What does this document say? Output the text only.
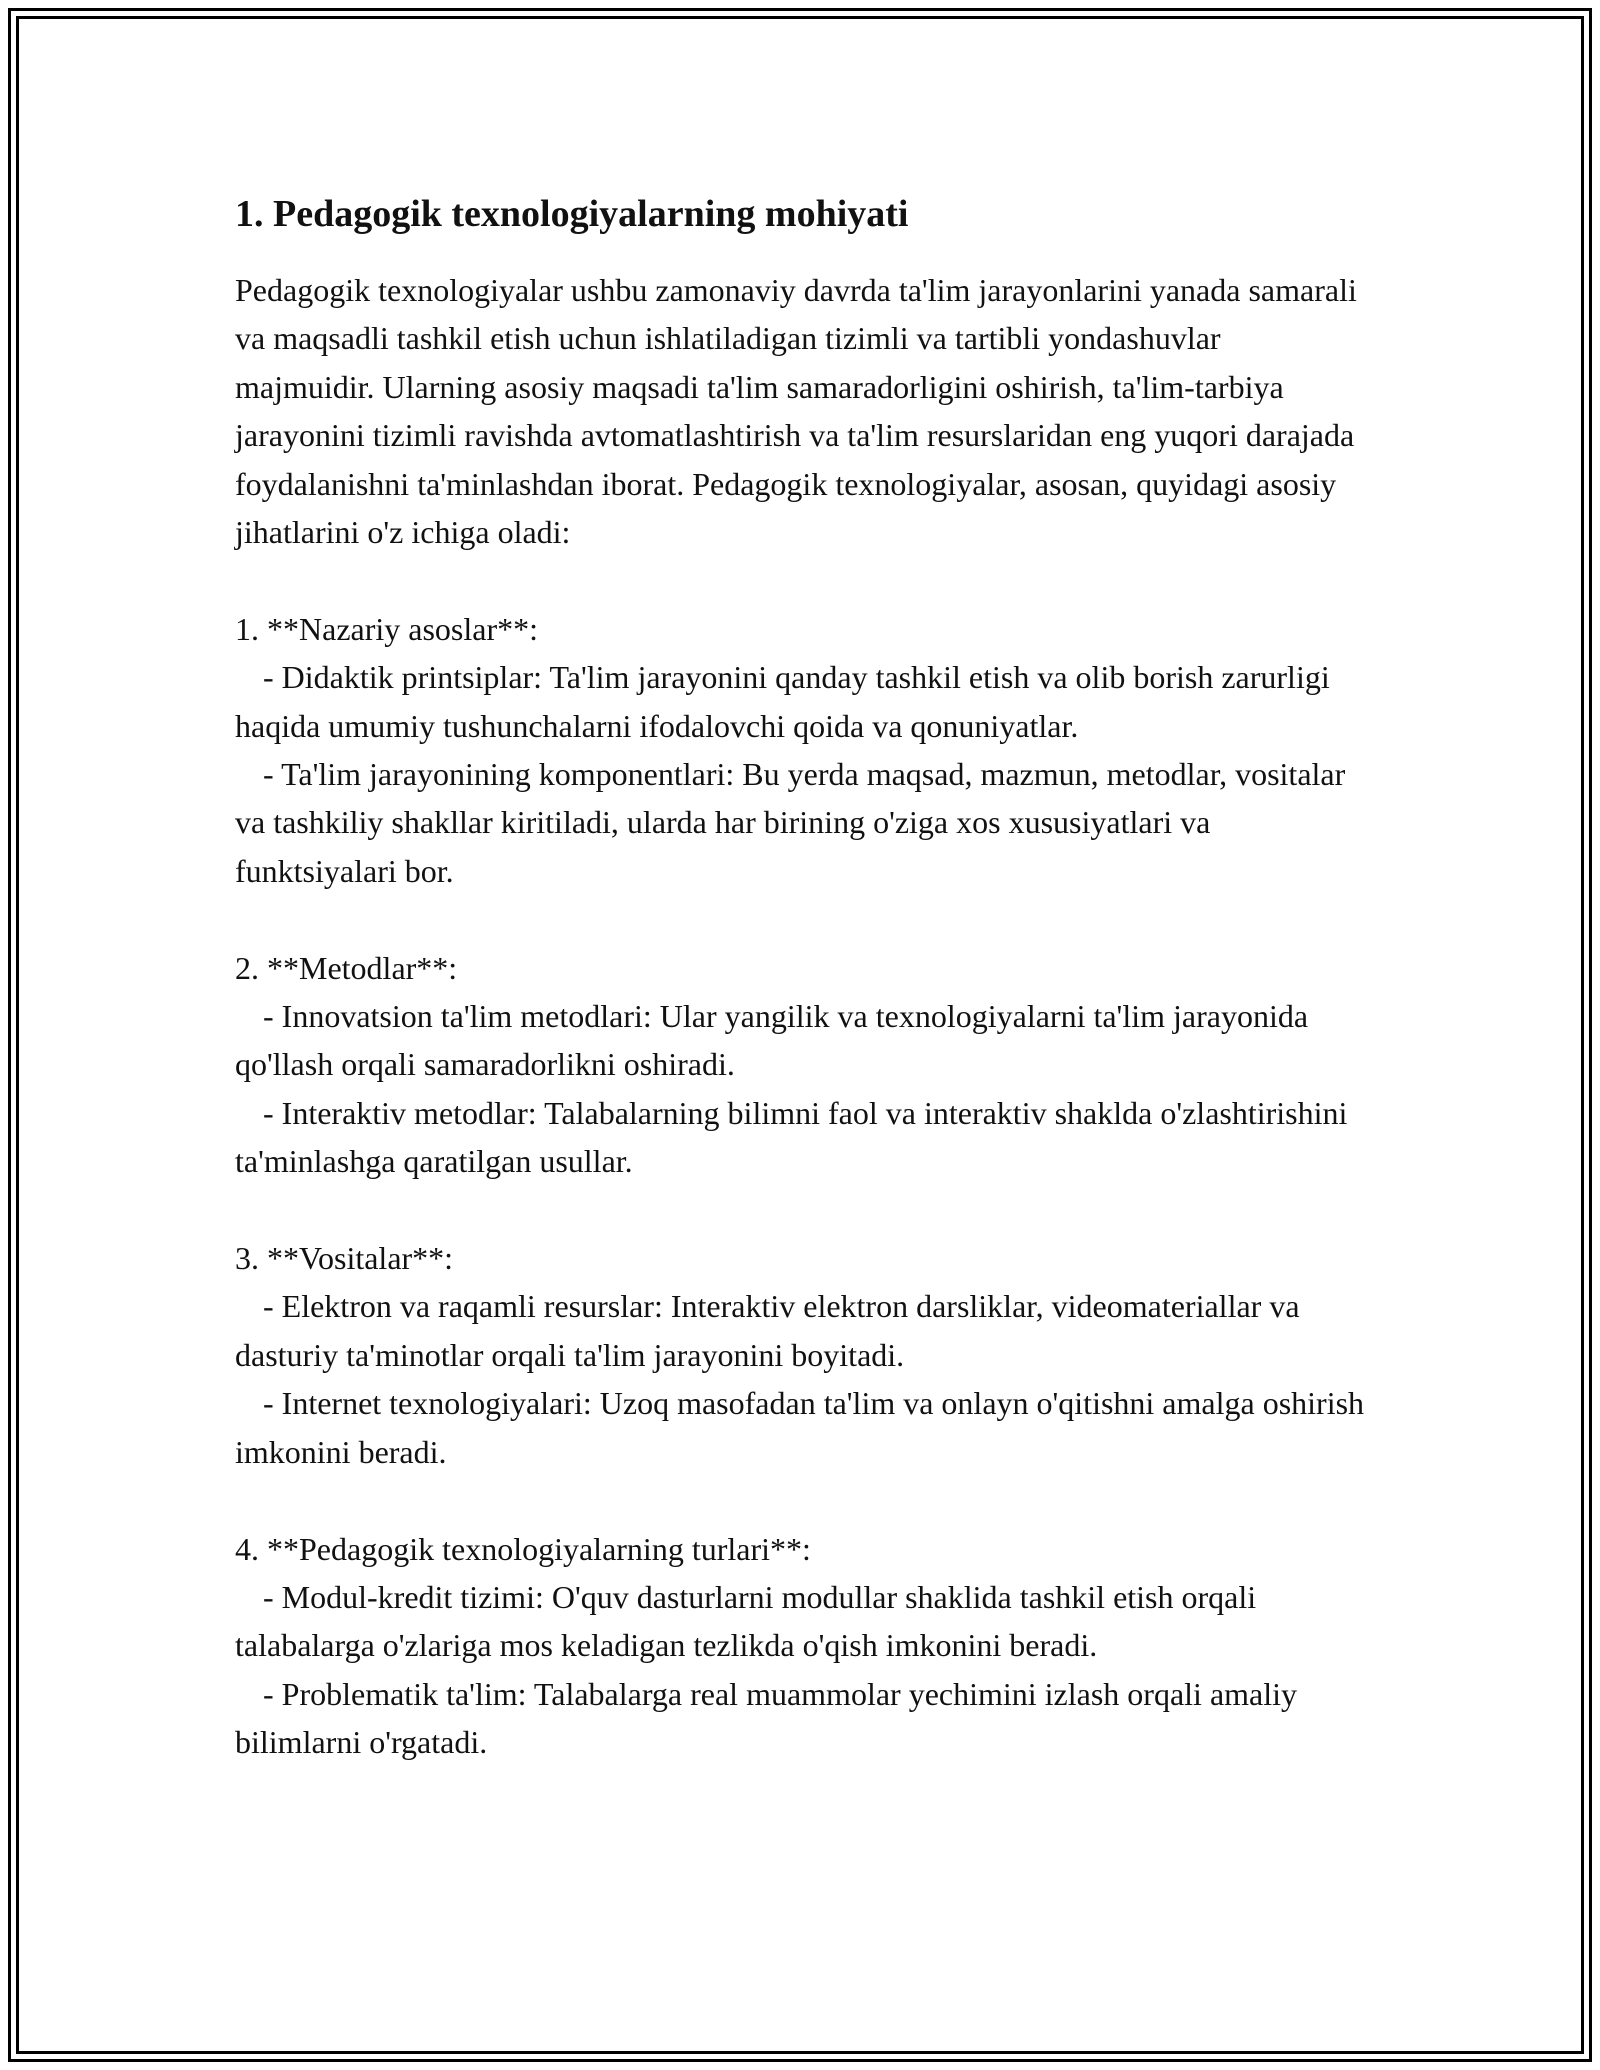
1. Pedagogik texnologiyalarning mohiyati

Pedagogik texnologiyalar ushbu zamonaviy davrda ta'lim jarayonlarini yanada samarali va maqsadli tashkil etish uchun ishlatiladigan tizimli va tartibli yondashuvlar majmuidir. Ularning asosiy maqsadi ta'lim samaradorligini oshirish, ta'lim-tarbiya jarayonini tizimli ravishda avtomatlashtirish va ta'lim resurslaridan eng yuqori darajada foydalanishni ta'minlashdan iborat. Pedagogik texnologiyalar, asosan, quyidagi asosiy jihatlarini o'z ichiga oladi:

1. **Nazariy asoslar**:
- Didaktik printsiplar: Ta'lim jarayonini qanday tashkil etish va olib borish zarurligi haqida umumiy tushunchalarni ifodalovchi qoida va qonuniyatlar.
- Ta'lim jarayonining komponentlari: Bu yerda maqsad, mazmun, metodlar, vositalar va tashkiliy shakllar kiritiladi, ularda har birining o'ziga xos xususiyatlari va funktsiyalari bor.
2. **Metodlar**:
- Innovatsion ta'lim metodlari: Ular yangilik va texnologiyalarni ta'lim jarayonida qo'llash orqali samaradorlikni oshiradi.
- Interaktiv metodlar: Talabalarning bilimni faol va interaktiv shaklda o'zlashtirishini ta'minlashga qaratilgan usullar.
3. **Vositalar**:
- Elektron va raqamli resurslar: Interaktiv elektron darsliklar, videomateriallar va dasturiy ta'minotlar orqali ta'lim jarayonini boyitadi.
- Internet texnologiyalari: Uzoq masofadan ta'lim va onlayn o'qitishni amalga oshirish imkonini beradi.
4. **Pedagogik texnologiyalarning turlari**:
- Modul-kredit tizimi: O'quv dasturlarni modullar shaklida tashkil etish orqali talabalarga o'zlariga mos keladigan tezlikda o'qish imkonini beradi.
- Problematik ta'lim: Talabalarga real muammolar yechimini izlash orqali amaliy bilimlarni o'rgatadi.
